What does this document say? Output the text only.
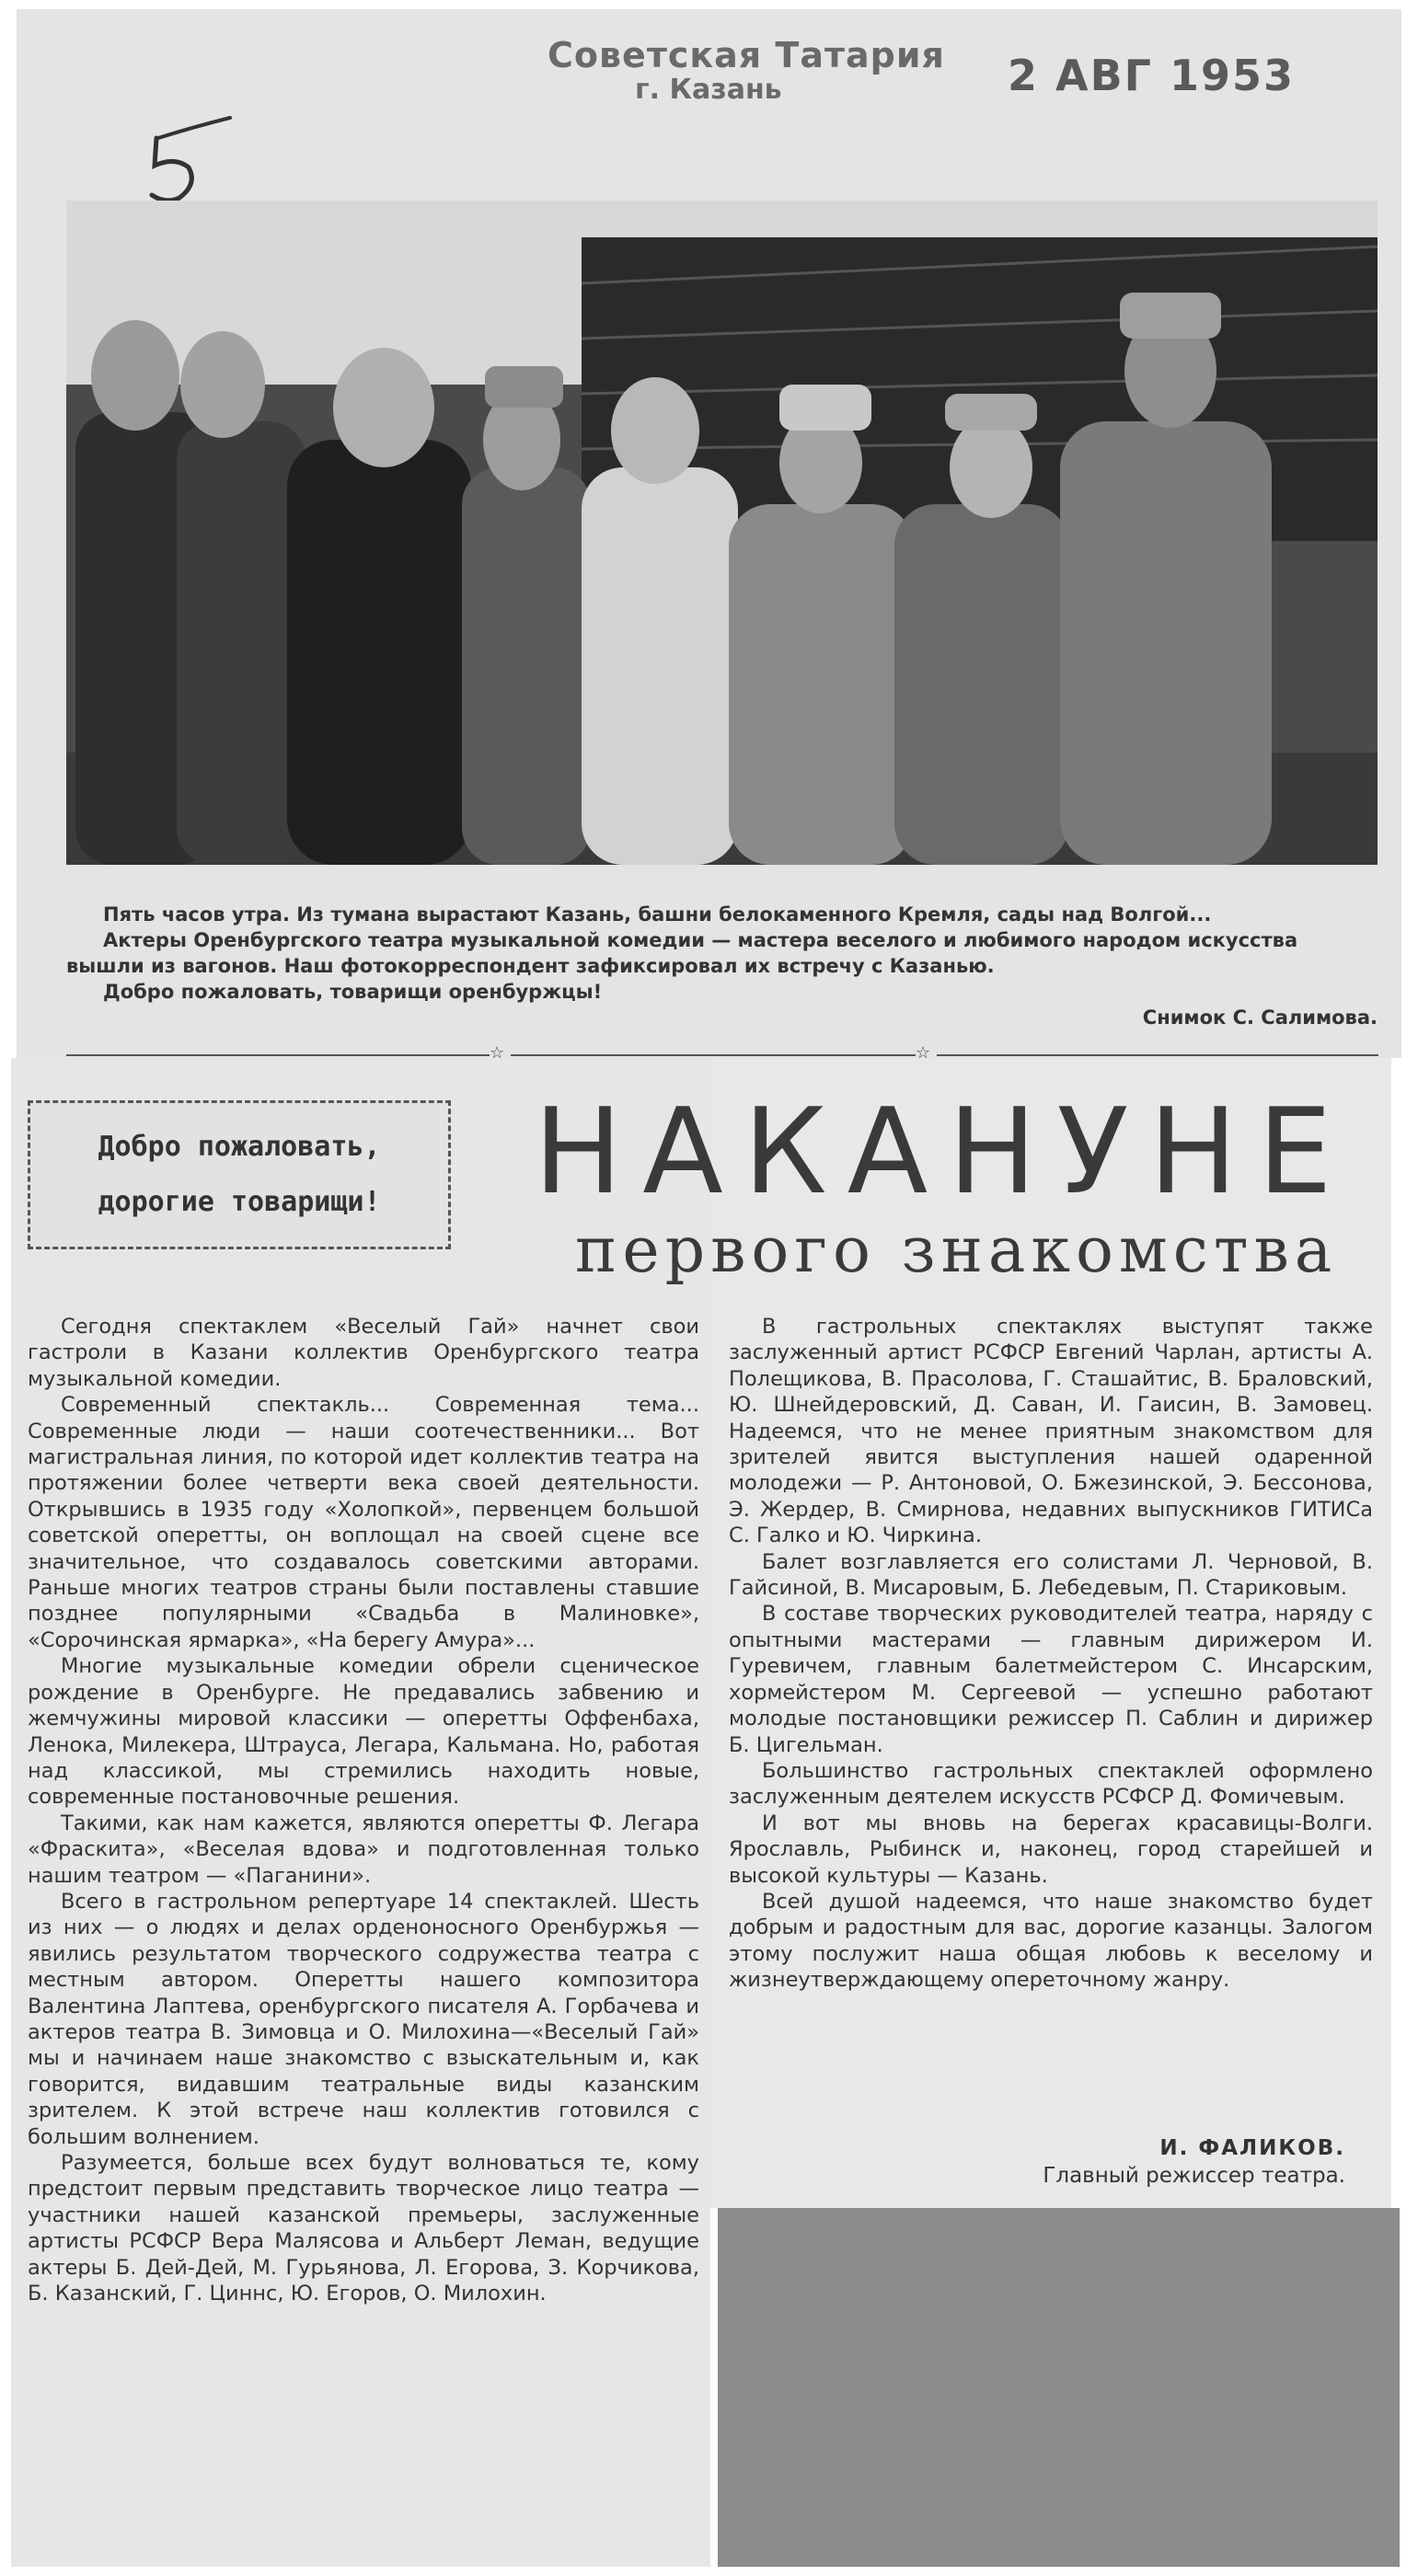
Советская Татария
г. Казань	2 АВГ 1953

Пять часов утра. Из тумана вырастают Казань, башни белокаменного Кремля, сады над Волгой...

Актеры Оренбургского театра музыкальной комедии — мастера веселого и любимого народом искусства вышли из вагонов. Наш фотокорреспондент зафиксировал их встречу с Казанью.

Добро пожаловать, товарищи оренбуржцы!

Снимок С. Салимова.
☆	☆
Добро пожаловать,
дорогие товарищи!	НАКАНУНЕ
первого знакомства

Сегодня спектаклем «Веселый Гай» начнет свои гастроли в Казани коллектив Оренбургского театра музыкальной комедии.

Современный спектакль... Современная тема... Современные люди — наши соотечественники... Вот магистральная линия, по которой идет коллектив театра на протяжении более четверти века своей деятельности. Открывшись в 1935 году «Холопкой», первенцем большой советской оперетты, он воплощал на своей сцене все значительное, что создавалось советскими авторами. Раньше многих театров страны были поставлены ставшие позднее популярными «Свадьба в Малиновке», «Сорочинская ярмарка», «На берегу Амура»...

Многие музыкальные комедии обрели сценическое рождение в Оренбурге. Не предавались забвению и жемчужины мировой классики — оперетты Оффенбаха, Ленока, Милекера, Штрауса, Легара, Кальмана. Но, работая над классикой, мы стремились находить новые, современные постановочные решения.

Такими, как нам кажется, являются оперетты Ф. Легара «Фраскита», «Веселая вдова» и подготовленная только нашим театром — «Паганини».

Всего в гастрольном репертуаре 14 спектаклей. Шесть из них — о людях и делах орденоносного Оренбуржья — явились результатом творческого содружества театра с местным автором. Оперетты нашего композитора Валентина Лаптева, оренбургского писателя А. Горбачева и актеров театра В. Зимовца и О. Милохина—«Веселый Гай» мы и начинаем наше знакомство с взыскательным и, как говорится, видавшим театральные виды казанским зрителем. К этой встрече наш коллектив готовился с большим волнением.

Разумеется, больше всех будут волноваться те, кому предстоит первым представить творческое лицо театра — участники нашей казанской премьеры, заслуженные артисты РСФСР Вера Малясова и Альберт Леман, ведущие актеры Б. Дей-Дей, М. Гурьянова, Л. Егорова, З. Корчикова, Б. Казанский, Г. Циннс, Ю. Егоров, О. Милохин.

В гастрольных спектаклях выступят также заслуженный артист РСФСР Евгений Чарлан, артисты А. Полещикова, В. Прасолова, Г. Сташайтис, В. Браловский, Ю. Шнейдеровский, Д. Саван, И. Гаисин, В. Замовец. Надеемся, что не менее приятным знакомством для зрителей явится выступления нашей одаренной молодежи — Р. Антоновой, О. Бжезинской, Э. Бессонова, Э. Жердер, В. Смирнова, недавних выпускников ГИТИСа С. Галко и Ю. Чиркина.

Балет возглавляется его солистами Л. Черновой, В. Гайсиной, В. Мисаровым, Б. Лебедевым, П. Стариковым.

В составе творческих руководителей театра, наряду с опытными мастерами — главным дирижером И. Гуревичем, главным балетмейстером С. Инсарским, хормейстером М. Сергеевой — успешно работают молодые постановщики режиссер П. Саблин и дирижер Б. Цигельман.

Большинство гастрольных спектаклей оформлено заслуженным деятелем искусств РСФСР Д. Фомичевым.

И вот мы вновь на берегах красавицы-Волги. Ярославль, Рыбинск и, наконец, город старейшей и высокой культуры — Казань.

Всей душой надеемся, что наше знакомство будет добрым и радостным для вас, дорогие казанцы. Залогом этому послужит наша общая любовь к веселому и жизнеутверждающему опереточному жанру.

И. ФАЛИКОВ.
Главный режиссер театра.
